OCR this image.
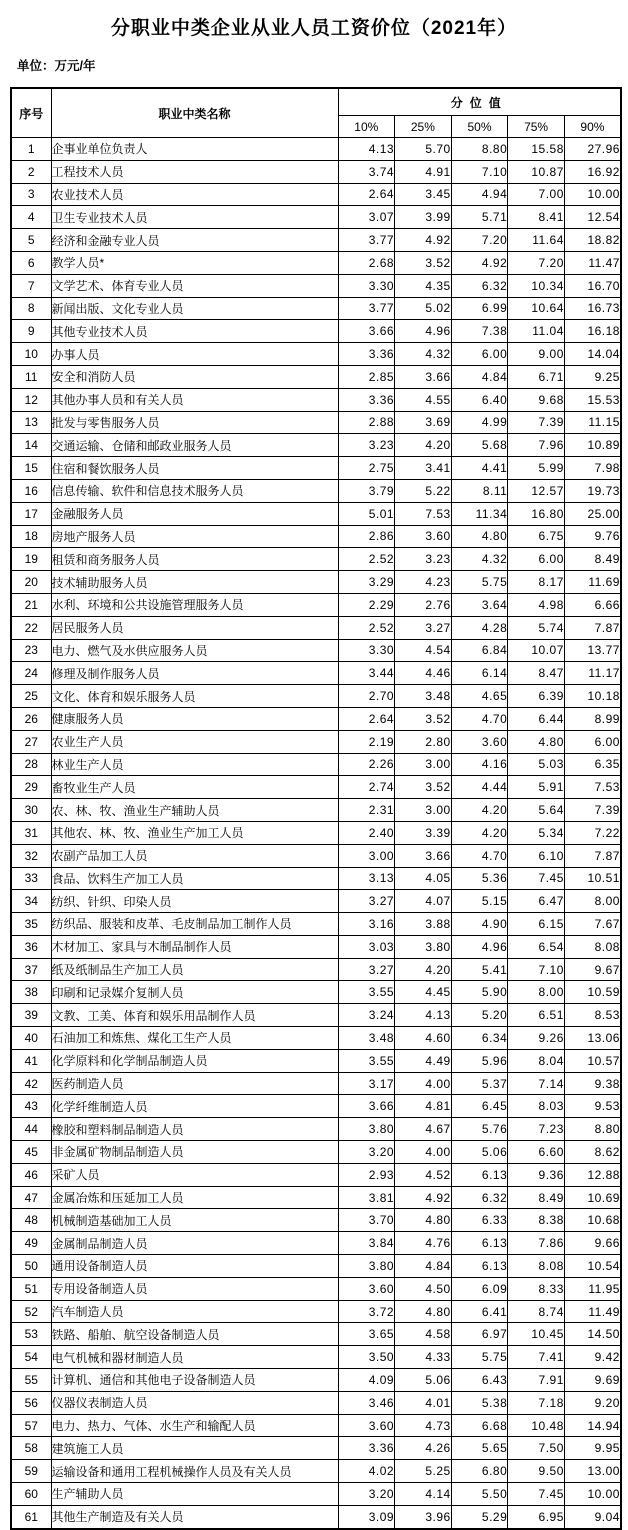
分职业中类企业从业人员工资价位（2021年）
单位：万元/年
序号	职业中类名称	分位值				
		10%	25%	50%	75%	90%
1	企事业单位负责人	4.13	5.70	8.80	15.58	27.96
2	工程技术人员	3.74	4.91	7.10	10.87	16.92
3	农业技术人员	2.64	3.45	4.94	7.00	10.00
4	卫生专业技术人员	3.07	3.99	5.71	8.41	12.54
5	经济和金融专业人员	3.77	4.92	7.20	11.64	18.82
6	教学人员*	2.68	3.52	4.92	7.20	11.47
7	文学艺术、体育专业人员	3.30	4.35	6.32	10.34	16.70
8	新闻出版、文化专业人员	3.77	5.02	6.99	10.64	16.73
9	其他专业技术人员	3.66	4.96	7.38	11.04	16.18
10	办事人员	3.36	4.32	6.00	9.00	14.04
11	安全和消防人员	2.85	3.66	4.84	6.71	9.25
12	其他办事人员和有关人员	3.36	4.55	6.40	9.68	15.53
13	批发与零售服务人员	2.88	3.69	4.99	7.39	11.15
14	交通运输、仓储和邮政业服务人员	3.23	4.20	5.68	7.96	10.89
15	住宿和餐饮服务人员	2.75	3.41	4.41	5.99	7.98
16	信息传输、软件和信息技术服务人员	3.79	5.22	8.11	12.57	19.73
17	金融服务人员	5.01	7.53	11.34	16.80	25.00
18	房地产服务人员	2.86	3.60	4.80	6.75	9.76
19	租赁和商务服务人员	2.52	3.23	4.32	6.00	8.49
20	技术辅助服务人员	3.29	4.23	5.75	8.17	11.69
21	水利、环境和公共设施管理服务人员	2.29	2.76	3.64	4.98	6.66
22	居民服务人员	2.52	3.27	4.28	5.74	7.87
23	电力、燃气及水供应服务人员	3.30	4.54	6.84	10.07	13.77
24	修理及制作服务人员	3.44	4.46	6.14	8.47	11.17
25	文化、体育和娱乐服务人员	2.70	3.48	4.65	6.39	10.18
26	健康服务人员	2.64	3.52	4.70	6.44	8.99
27	农业生产人员	2.19	2.80	3.60	4.80	6.00
28	林业生产人员	2.26	3.00	4.16	5.03	6.35
29	畜牧业生产人员	2.74	3.52	4.44	5.91	7.53
30	农、林、牧、渔业生产辅助人员	2.31	3.00	4.20	5.64	7.39
31	其他农、林、牧、渔业生产加工人员	2.40	3.39	4.20	5.34	7.22
32	农副产品加工人员	3.00	3.66	4.70	6.10	7.87
33	食品、饮料生产加工人员	3.13	4.05	5.36	7.45	10.51
34	纺织、针织、印染人员	3.27	4.07	5.15	6.47	8.00
35	纺织品、服装和皮革、毛皮制品加工制作人员	3.16	3.88	4.90	6.15	7.67
36	木材加工、家具与木制品制作人员	3.03	3.80	4.96	6.54	8.08
37	纸及纸制品生产加工人员	3.27	4.20	5.41	7.10	9.67
38	印刷和记录媒介复制人员	3.55	4.45	5.90	8.00	10.59
39	文教、工美、体育和娱乐用品制作人员	3.24	4.13	5.20	6.51	8.53
40	石油加工和炼焦、煤化工生产人员	3.48	4.60	6.34	9.26	13.06
41	化学原料和化学制品制造人员	3.55	4.49	5.96	8.04	10.57
42	医药制造人员	3.17	4.00	5.37	7.14	9.38
43	化学纤维制造人员	3.66	4.81	6.45	8.03	9.53
44	橡胶和塑料制品制造人员	3.80	4.67	5.76	7.23	8.80
45	非金属矿物制品制造人员	3.20	4.00	5.06	6.60	8.62
46	采矿人员	2.93	4.52	6.13	9.36	12.88
47	金属冶炼和压延加工人员	3.81	4.92	6.32	8.49	10.69
48	机械制造基础加工人员	3.70	4.80	6.33	8.38	10.68
49	金属制品制造人员	3.84	4.76	6.13	7.86	9.66
50	通用设备制造人员	3.80	4.84	6.13	8.08	10.54
51	专用设备制造人员	3.60	4.50	6.09	8.33	11.95
52	汽车制造人员	3.72	4.80	6.41	8.74	11.49
53	铁路、船舶、航空设备制造人员	3.65	4.58	6.97	10.45	14.50
54	电气机械和器材制造人员	3.50	4.33	5.75	7.41	9.42
55	计算机、通信和其他电子设备制造人员	4.09	5.06	6.43	7.91	9.69
56	仪器仪表制造人员	3.46	4.01	5.38	7.18	9.20
57	电力、热力、气体、水生产和输配人员	3.60	4.73	6.68	10.48	14.94
58	建筑施工人员	3.36	4.26	5.65	7.50	9.95
59	运输设备和通用工程机械操作人员及有关人员	4.02	5.25	6.80	9.50	13.00
60	生产辅助人员	3.20	4.14	5.50	7.45	10.00
61	其他生产制造及有关人员	3.09	3.96	5.29	6.95	9.04
